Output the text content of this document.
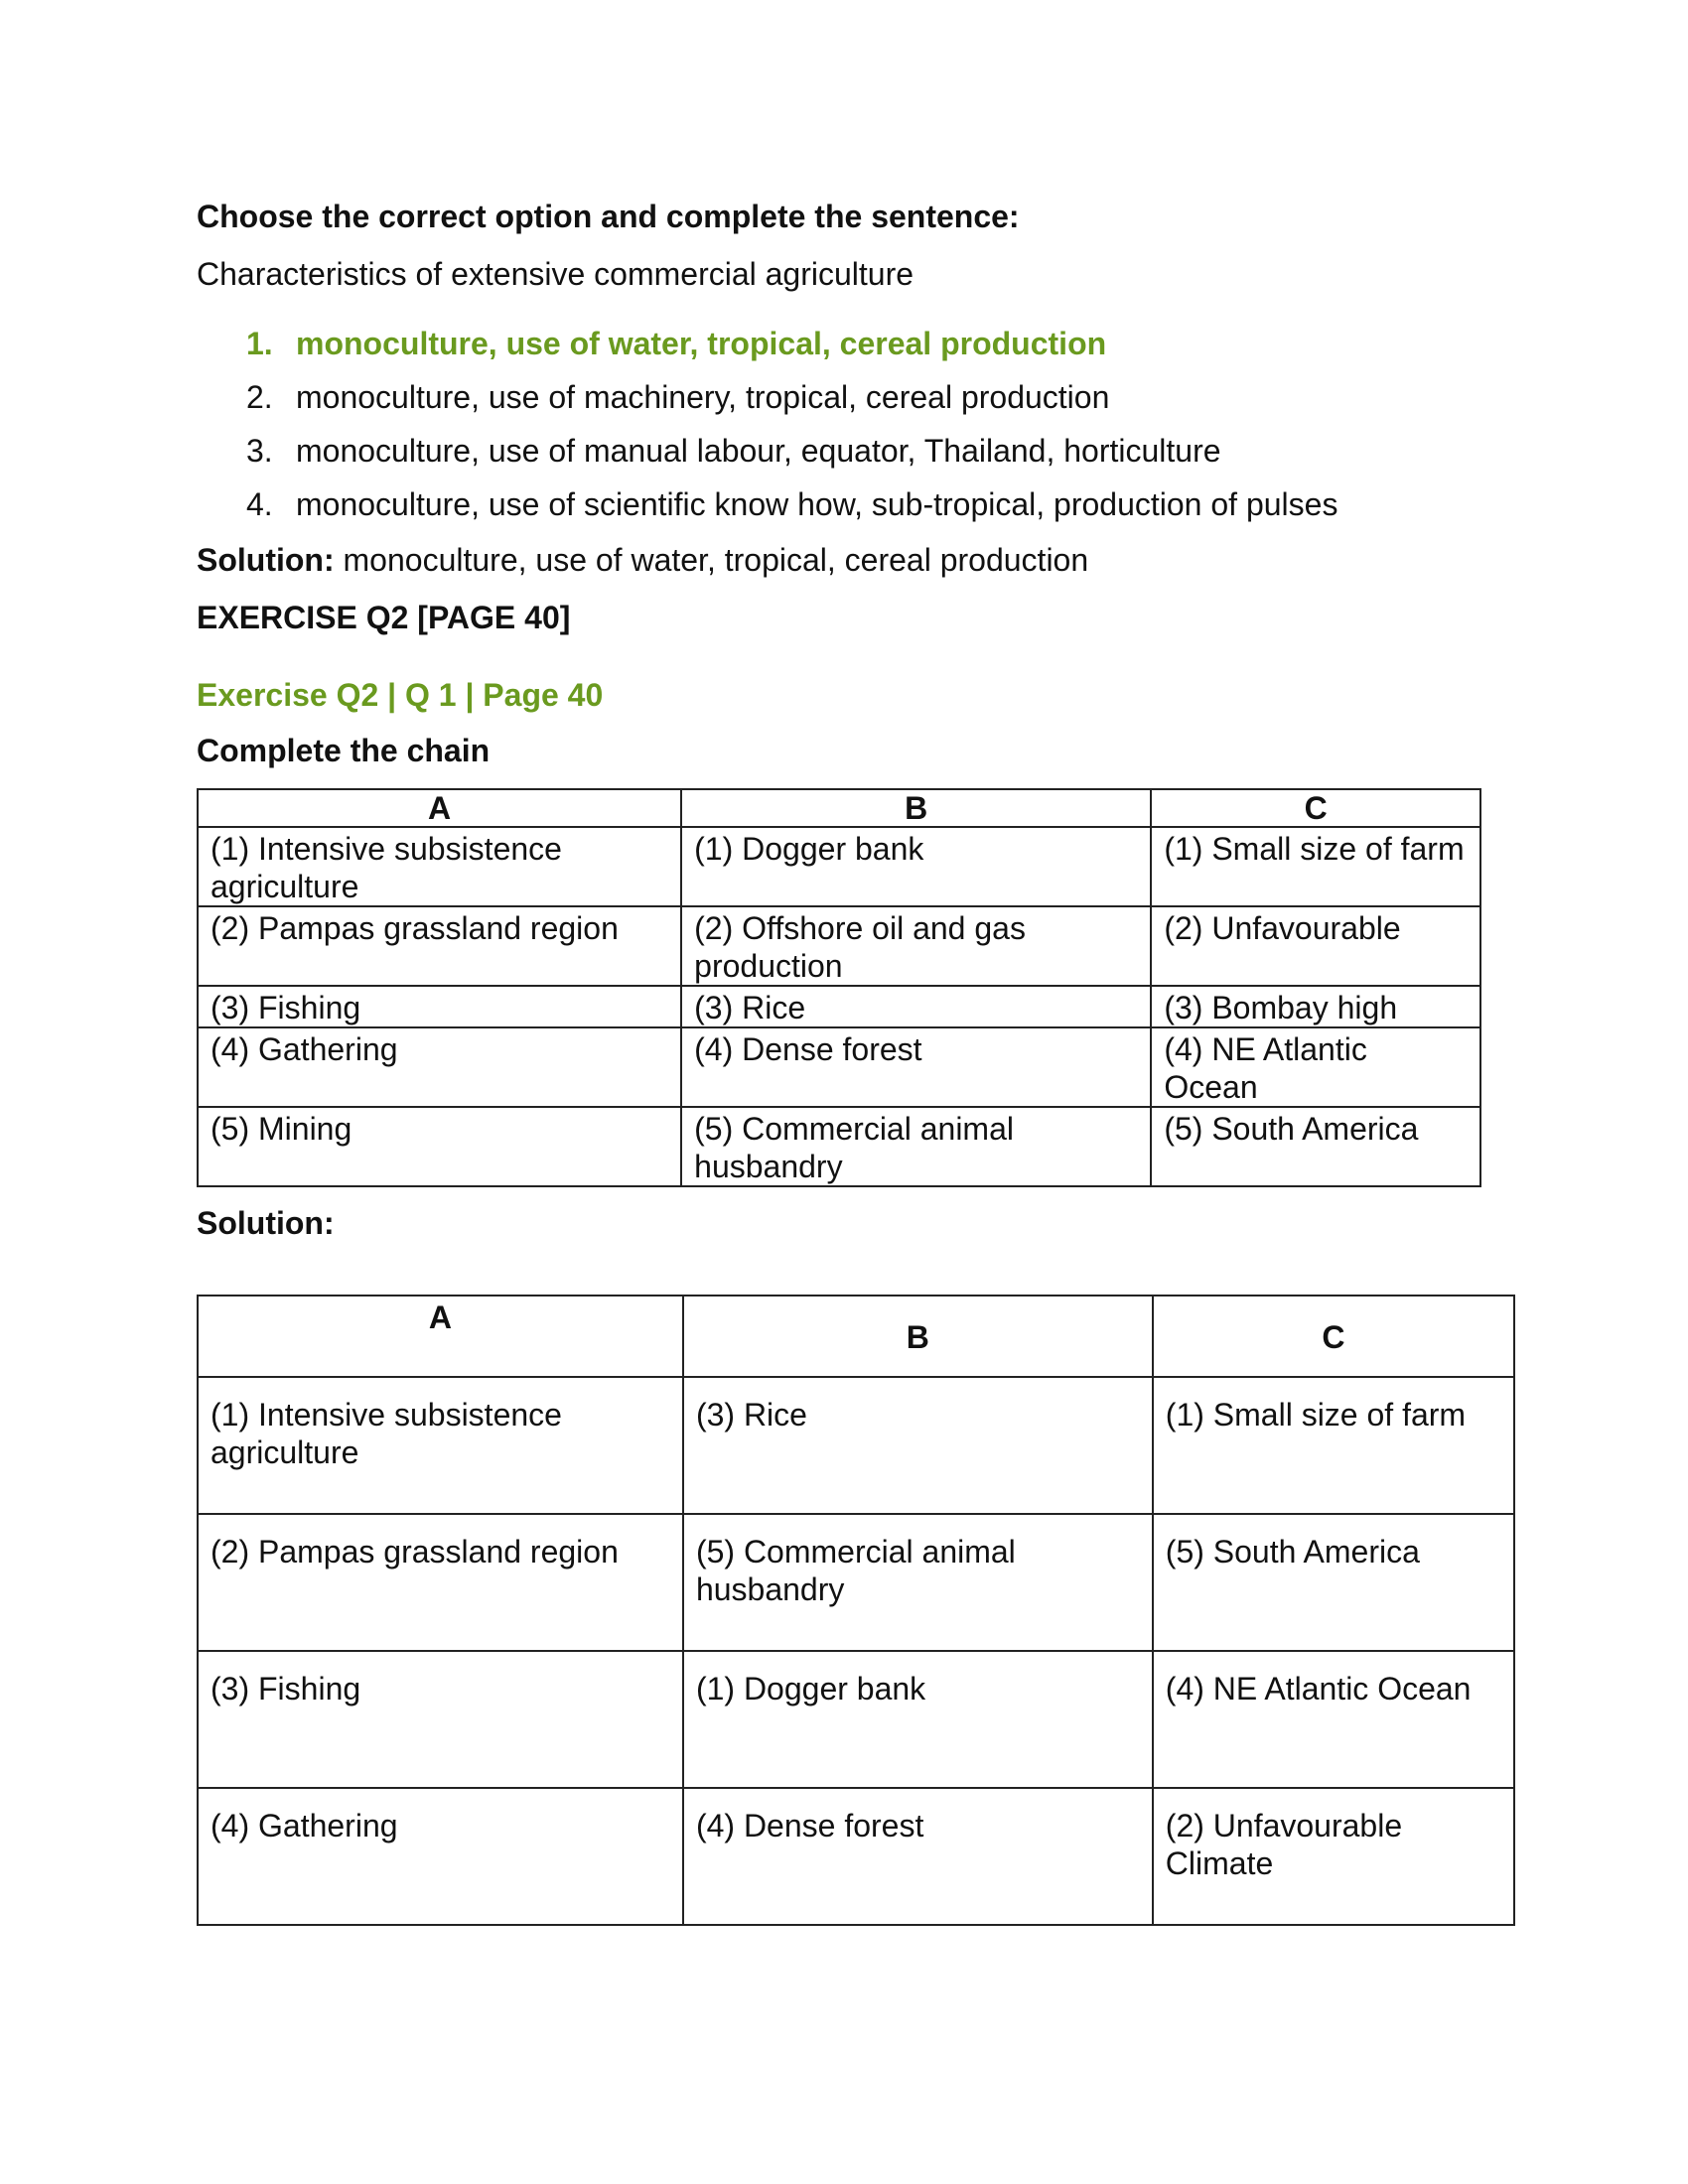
Choose the correct option and complete the sentence:

Characteristics of extensive commercial agriculture

1. monoculture, use of water, tropical, cereal production
2. monoculture, use of machinery, tropical, cereal production
3. monoculture, use of manual labour, equator, Thailand, horticulture
4. monoculture, use of scientific know how, sub-tropical, production of pulses

Solution: monoculture, use of water, tropical, cereal production

EXERCISE Q2 [PAGE 40]

Exercise Q2 | Q 1 | Page 40

Complete the chain

A	B	C
(1) Intensive subsistence agriculture	(1) Dogger bank	(1) Small size of farm
(2) Pampas grassland region	(2) Offshore oil and gas production	(2) Unfavourable
(3) Fishing	(3) Rice	(3) Bombay high
(4) Gathering	(4) Dense forest	(4) NE Atlantic Ocean
(5) Mining	(5) Commercial animal husbandry	(5) South America

Solution:

A	B	C
(1) Intensive subsistence agriculture	(3) Rice	(1) Small size of farm
(2) Pampas grassland region	(5) Commercial animal husbandry	(5) South America
(3) Fishing	(1) Dogger bank	(4) NE Atlantic Ocean
(4) Gathering	(4) Dense forest	(2) Unfavourable Climate
